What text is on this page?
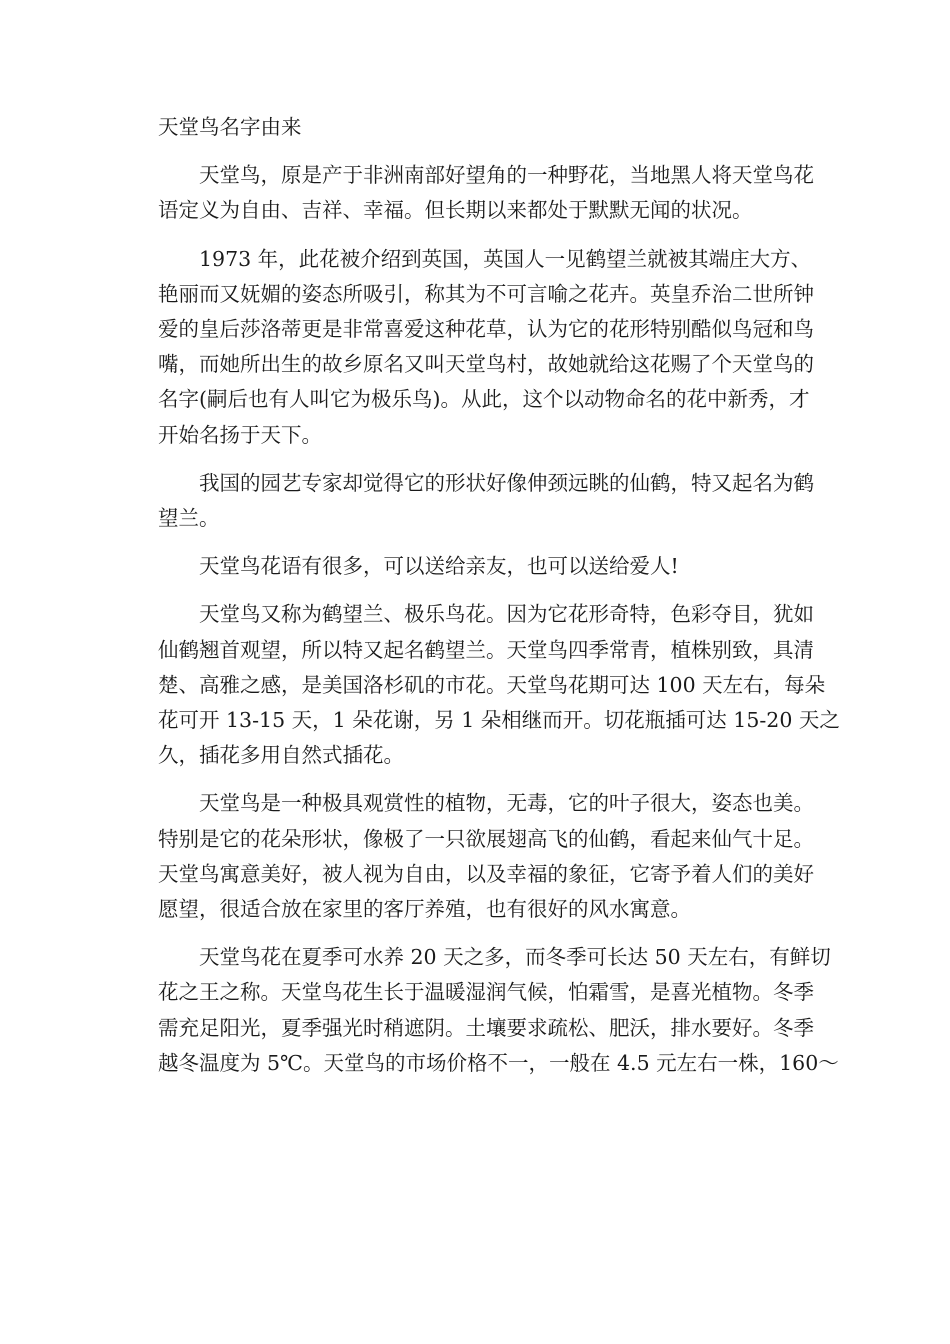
天堂鸟名字由来

天堂鸟，原是产于非洲南部好望角的一种野花，当地黑人将天堂鸟花
语定义为自由、吉祥、幸福。但长期以来都处于默默无闻的状况。
1973 年，此花被介绍到英国，英国人一见鹤望兰就被其端庄大方、
艳丽而又妩媚的姿态所吸引，称其为不可言喻之花卉。英皇乔治二世所钟
爱的皇后莎洛蒂更是非常喜爱这种花草，认为它的花形特别酷似鸟冠和鸟
嘴，而她所出生的故乡原名又叫天堂鸟村，故她就给这花赐了个天堂鸟的
名字(嗣后也有人叫它为极乐鸟)。从此，这个以动物命名的花中新秀，才
开始名扬于天下。
我国的园艺专家却觉得它的形状好像伸颈远眺的仙鹤，特又起名为鹤
望兰。
天堂鸟花语有很多，可以送给亲友，也可以送给爱人!
天堂鸟又称为鹤望兰、极乐鸟花。因为它花形奇特，色彩夺目，犹如
仙鹤翘首观望，所以特又起名鹤望兰。天堂鸟四季常青，植株别致，具清
楚、高雅之感，是美国洛杉矶的市花。天堂鸟花期可达 100 天左右，每朵
花可开 13-15 天，1 朵花谢，另 1 朵相继而开。切花瓶插可达 15-20 天之
久，插花多用自然式插花。
天堂鸟是一种极具观赏性的植物，无毒，它的叶子很大，姿态也美。
特别是它的花朵形状，像极了一只欲展翅高飞的仙鹤，看起来仙气十足。
天堂鸟寓意美好，被人视为自由，以及幸福的象征，它寄予着人们的美好
愿望，很适合放在家里的客厅养殖，也有很好的风水寓意。
天堂鸟花在夏季可水养 20 天之多，而冬季可长达 50 天左右，有鲜切
花之王之称。天堂鸟花生长于温暖湿润气候，怕霜雪，是喜光植物。冬季
需充足阳光，夏季强光时稍遮阴。土壤要求疏松、肥沃，排水要好。冬季
越冬温度为 5℃。天堂鸟的市场价格不一，一般在 4.5 元左右一株，160～
